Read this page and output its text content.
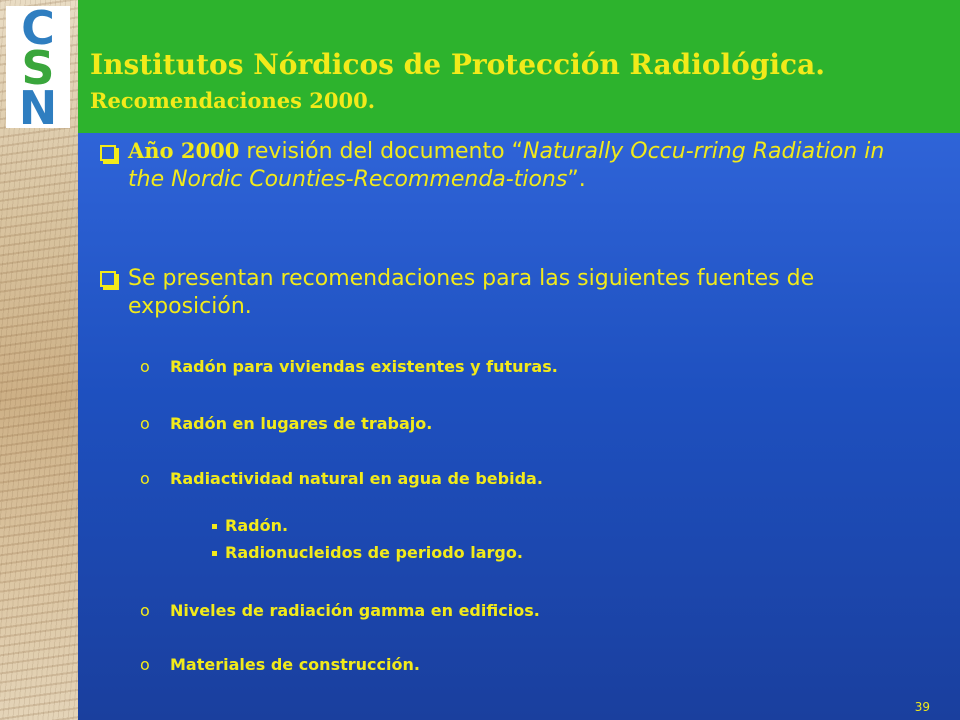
C
S
N
Institutos Nórdicos de Protección Radiológica.
Recomendaciones 2000.
Año 2000 revisión del documento “Naturally Occu-rring Radiation in the Nordic Counties-Recommenda-tions”.
Se presentan recomendaciones para las siguientes fuentes de exposición.
o Radón para viviendas existentes y futuras.
o Radón en lugares de trabajo.
o Radiactividad natural en agua de bebida.
Radón.
Radionucleidos de periodo largo.
o Niveles de radiación gamma en edificios.
o Materiales de construcción.
39
